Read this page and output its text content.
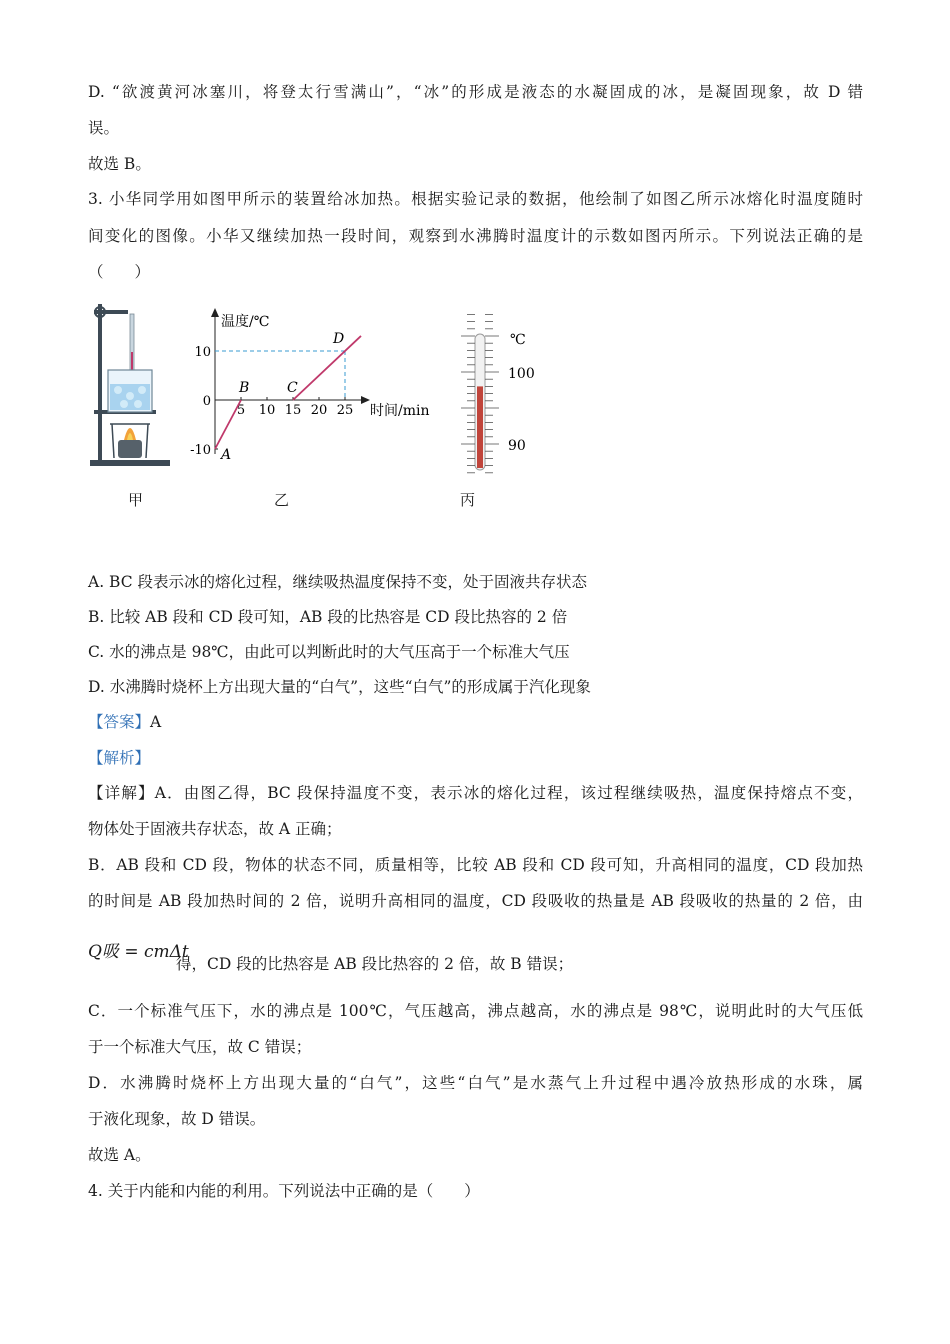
D. “欲渡黄河冰塞川，将登太行雪满山”，“冰”的形成是液态的水凝固成的冰，是凝固现象，故 D 错
误。
故选 B。
3. 小华同学用如图甲所示的装置给冰加热。根据实验记录的数据，他绘制了如图乙所示冰熔化时温度随时
间变化的图像。小华又继续加热一段时间，观察到水沸腾时温度计的示数如图丙所示。下列说法正确的是
（　　）
温度/℃
时间/min
5 10 15 20 25
10
0
-10 A
B	C
D	℃
100
90
甲	乙	丙
A. BC 段表示冰的熔化过程，继续吸热温度保持不变，处于固液共存状态
B. 比较 AB 段和 CD 段可知，AB 段的比热容是 CD 段比热容的 2 倍
C. 水的沸点是 98℃，由此可以判断此时的大气压高于一个标准大气压
D. 水沸腾时烧杯上方出现大量的“白气”，这些“白气”的形成属于汽化现象
【答案】A
【解析】
【详解】A．由图乙得，BC 段保持温度不变，表示冰的熔化过程，该过程继续吸热，温度保持熔点不变，
物体处于固液共存状态，故 A 正确；
B．AB 段和 CD 段，物体的状态不同，质量相等，比较 AB 段和 CD 段可知，升高相同的温度，CD 段加热
的时间是 AB 段加热时间的 2 倍，说明升高相同的温度，CD 段吸收的热量是 AB 段吸收的热量的 2 倍，由
Q吸 = cmΔt
得，CD 段的比热容是 AB 段比热容的 2 倍，故 B 错误；
C．一个标准气压下，水的沸点是 100℃，气压越高，沸点越高，水的沸点是 98℃，说明此时的大气压低
于一个标准大气压，故 C 错误；
D．水沸腾时烧杯上方出现大量的“白气”，这些“白气”是水蒸气上升过程中遇冷放热形成的水珠，属
于液化现象，故 D 错误。
故选 A。
4. 关于内能和内能的利用。下列说法中正确的是（　　）
